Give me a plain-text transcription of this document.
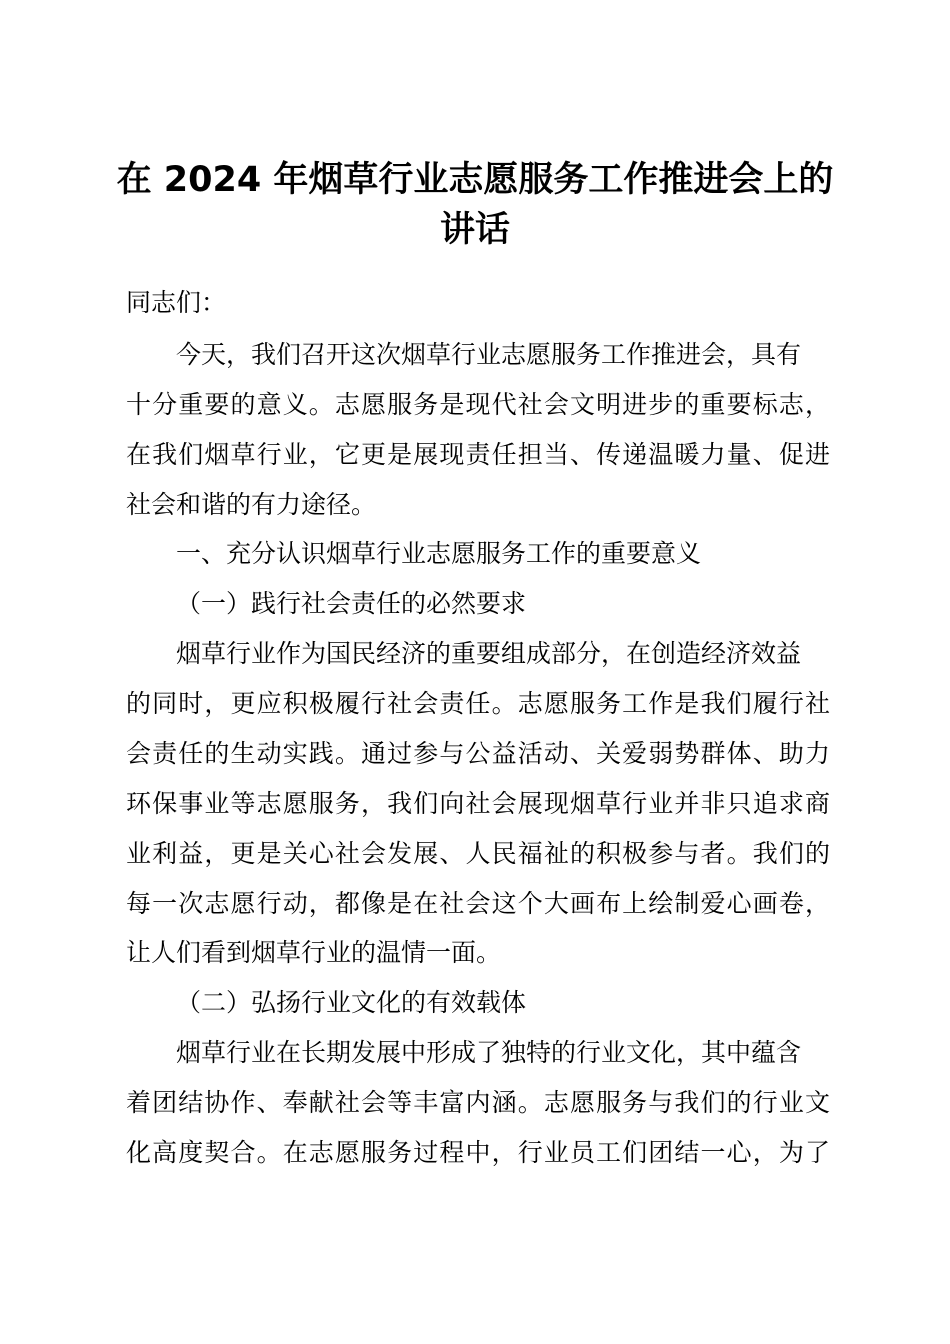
在 2024 年烟草行业志愿服务工作推进会上的
讲话

同志们：

今天，我们召开这次烟草行业志愿服务工作推进会，具有

十分重要的意义。志愿服务是现代社会文明进步的重要标志，

在我们烟草行业，它更是展现责任担当、传递温暖力量、促进

社会和谐的有力途径。

一、充分认识烟草行业志愿服务工作的重要意义

（一）践行社会责任的必然要求

烟草行业作为国民经济的重要组成部分，在创造经济效益

的同时，更应积极履行社会责任。志愿服务工作是我们履行社

会责任的生动实践。通过参与公益活动、关爱弱势群体、助力

环保事业等志愿服务，我们向社会展现烟草行业并非只追求商

业利益，更是关心社会发展、人民福祉的积极参与者。我们的

每一次志愿行动，都像是在社会这个大画布上绘制爱心画卷，

让人们看到烟草行业的温情一面。

（二）弘扬行业文化的有效载体

烟草行业在长期发展中形成了独特的行业文化，其中蕴含

着团结协作、奉献社会等丰富内涵。志愿服务与我们的行业文

化高度契合。在志愿服务过程中，行业员工们团结一心，为了
